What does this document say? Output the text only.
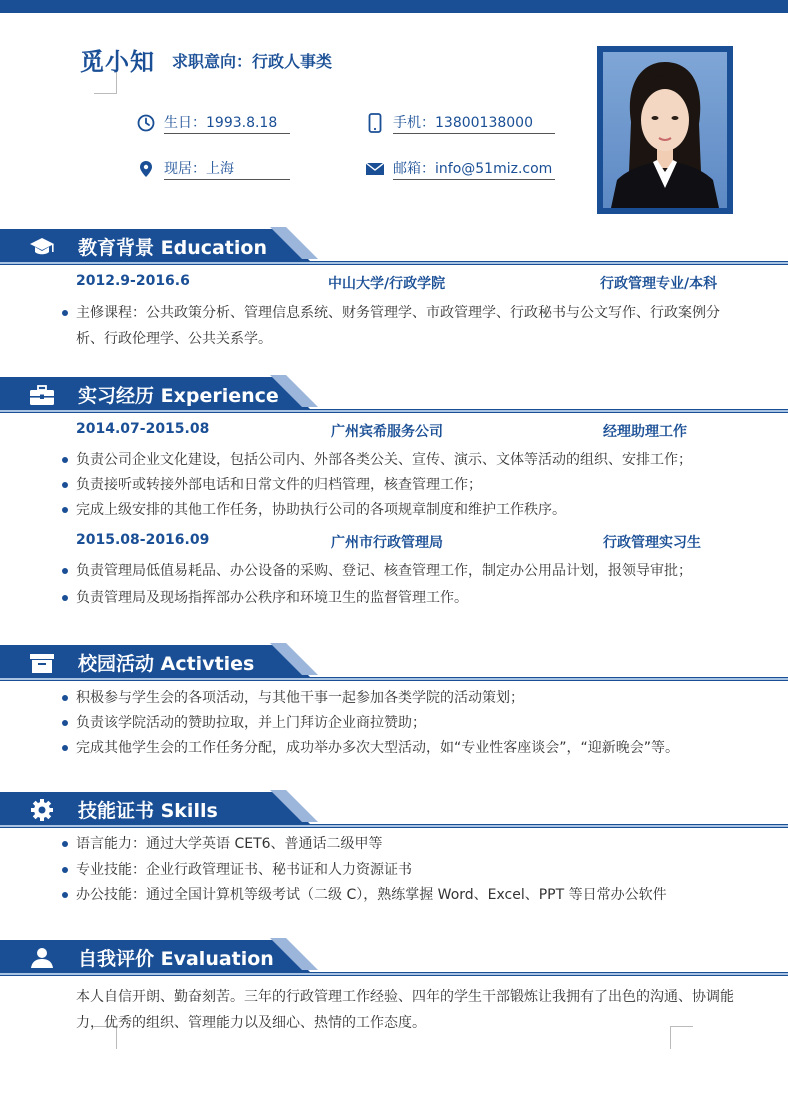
觅小知 求职意向：行政人事类
生日：1993.8.18	手机：13800138000
现居：上海	邮箱：info@51miz.com
教育背景 Education
2012.9-2016.6	中山大学/行政学院	行政管理专业/本科
主修课程：公共政策分析、管理信息系统、财务管理学、市政管理学、行政秘书与公文写作、行政案例分析、行政伦理学、公共关系学。
实习经历 Experience
2014.07-2015.08	广州宾希服务公司	经理助理工作
负责公司企业文化建设，包括公司内、外部各类公关、宣传、演示、文体等活动的组织、安排工作；
负责接听或转接外部电话和日常文件的归档管理，核查管理工作；
完成上级安排的其他工作任务，协助执行公司的各项规章制度和维护工作秩序。
2015.08-2016.09	广州市行政管理局	行政管理实习生
负责管理局低值易耗品、办公设备的采购、登记、核查管理工作，制定办公用品计划，报领导审批；
负责管理局及现场指挥部办公秩序和环境卫生的监督管理工作。
校园活动 Activties
积极参与学生会的各项活动，与其他干事一起参加各类学院的活动策划；
负责该学院活动的赞助拉取，并上门拜访企业商拉赞助；
完成其他学生会的工作任务分配，成功举办多次大型活动，如“专业性客座谈会”，“迎新晚会”等。
技能证书 Skills
语言能力：通过大学英语 CET6、普通话二级甲等
专业技能：企业行政管理证书、秘书证和人力资源证书
办公技能：通过全国计算机等级考试（二级 C），熟练掌握 Word、Excel、PPT 等日常办公软件
自我评价 Evaluation
本人自信开朗、勤奋刻苦。三年的行政管理工作经验、四年的学生干部锻炼让我拥有了出色的沟通、协调能力，优秀的组织、管理能力以及细心、热情的工作态度。
